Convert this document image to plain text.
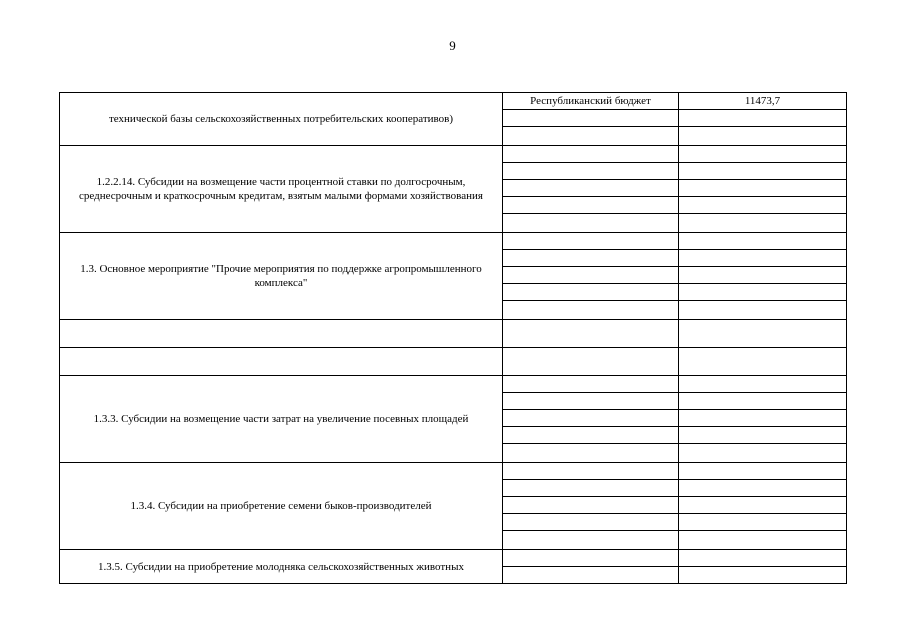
9
технической базы сельскохозяйственных потребительских кооперативов)	Республиканский бюджет	11473,7

1.2.2.14. Субсидии на возмещение части процентной ставки по долгосрочным, среднесрочным и краткосрочным кредитам, взятым малыми формами хозяйствования		

1.3. Основное мероприятие "Прочие мероприятия по поддержке агропромышленного комплекса"		

1.3.3. Субсидии на возмещение части затрат на увеличение посевных площадей		

1.3.4. Субсидии на приобретение семени быков-производителей		

1.3.5. Субсидии на приобретение молодняка сельскохозяйственных животных		
